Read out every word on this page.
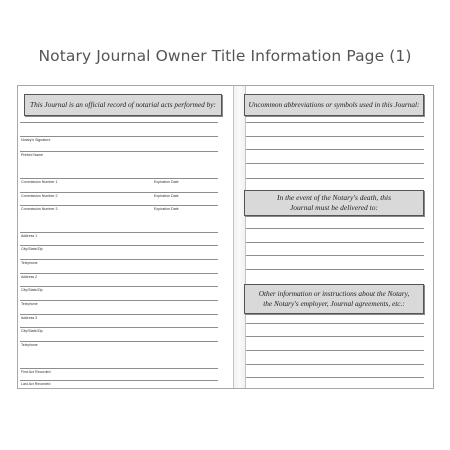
Notary Journal Owner Title Information Page (1)
This Journal is an official record of notarial acts performed by:
Notary's Signature
Printed Name
Commission Number 1	Expiration Date
Commission Number 2	Expiration Date
Commission Number 3	Expiration Date
Address 1
City/State/Zip
Telephone
Address 2
City/State/Zip
Telephone
Address 3
City/State/Zip
Telephone
First Act Recorded
Last Act Recorded
Uncommon abbreviations or symbols used in this Journal:
In the event of the Notary's death, this
Journal must be delivered to:
Other information or instructions about the Notary,
the Notary's employer, Journal agreements, etc.:
